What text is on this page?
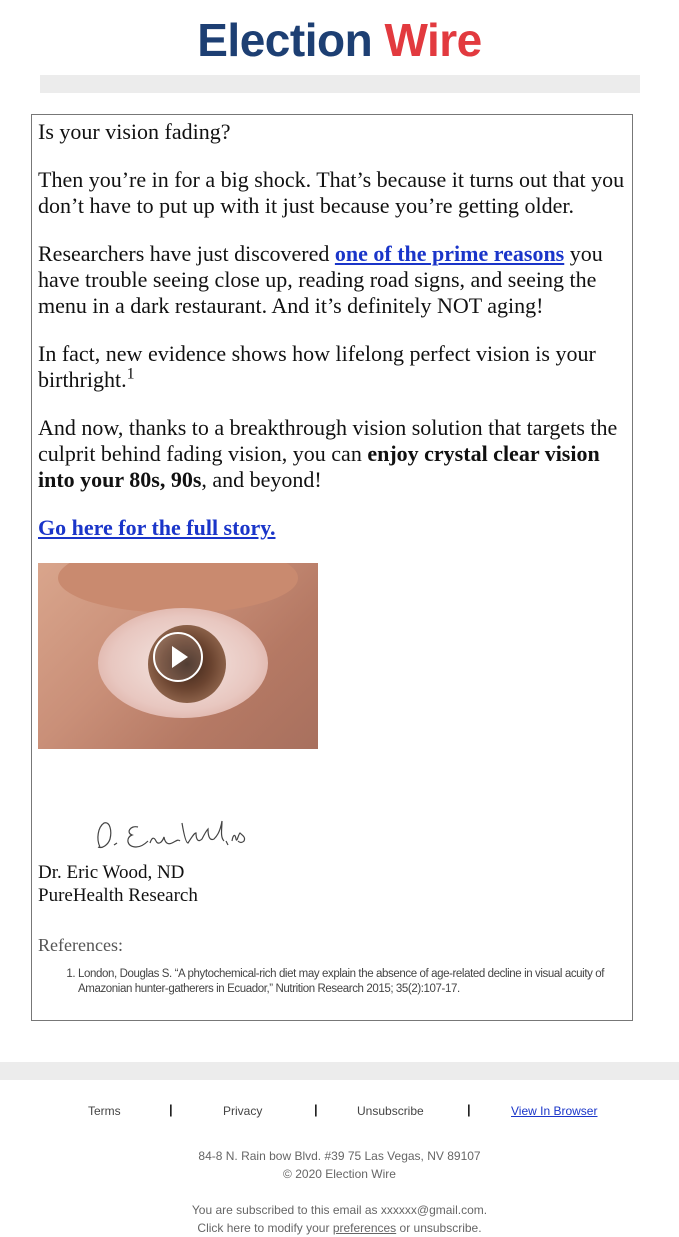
Election Wire

Is your vision fading?

Then you’re in for a big shock. That’s because it turns out that you don’t have to put up with it just because you’re getting older.

Researchers have just discovered one of the prime reasons you have trouble seeing close up, reading road signs, and seeing the menu in a dark restaurant. And it’s definitely NOT aging!

In fact, new evidence shows how lifelong perfect vision is your birthright.$^1$

And now, thanks to a breakthrough vision solution that targets the culprit behind fading vision, you can enjoy crystal clear vision into your 80s, 90s, and beyond!

Go here for the full story.

Dr. Eric Wood, ND
PureHealth Research
References:
1. London, Douglas S. “A phytochemical-rich diet may explain the absence of age-related decline in visual acuity of Amazonian hunter-gatherers in Ecuador,” Nutrition Research 2015; 35(2):107-17.
Terms	|	Privacy	|	Unsubscribe	|	View In Browser
84-8 N. Rain bow Blvd. #39 75 Las Vegas, NV 89107
© 2020 Election Wire
You are subscribed to this email as xxxxxx@gmail.com.
Click here to modify your preferences or unsubscribe.
